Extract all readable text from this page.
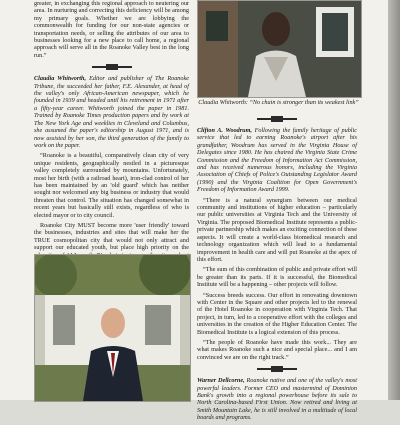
greater, in exchanging this regional approach to neutering our area. In nurturing and correcting this deficiency will be among my primary goals. Whether we are lobbying the commonwealth for funding for our non-state agencies or transportation needs, or selling the attributes of our area to businesses looking for a new place to call home, a regional approach will serve all in the Roanoke Valley best in the long run.”

Claudia Whitworth, Editor and publisher of The Roanoke Tribune, the succeeded her father, F.E. Alexander, at head of the valley's only African-American newspaper, which he founded in 1939 and headed until his retirement in 1971 after a fifty-year career. Whitworth joined the paper in 1981. Trained by Roanoke Times production papers and by work at The New York Age and weeklies in Cleveland and Columbus, she assumed the paper's editorship in August 1971, and is now assisted by her son, the third generation of the family to work on the paper.

“Roanoke is a beautiful, comparatively clean city of very unique residents, geographically nestled in a picturesque valley completely surrounded by mountains. Unfortunately, most her birth (with a railroad heart), iron-clad control of her has been maintained by an 'old guard' which has neither sought nor welcomed any big business or industry that would threaten that control. The situation has changed somewhat in recent years but basically still exists, regardless of who is elected mayor or to city council.

Roanoke City MUST become more 'user friendly' toward the businesses, industries and sites that will make her the TRUE cosmopolitan city that would not only attract and support our educated youth, but place high priority on the

Claudia Whitworth: “No chain is stronger than its weakest link”

Clifton A. Woodrum, Following the family heritage of public service that led to earning Roanoke's airport after his grandfather, Woodrum has served in the Virginia House of Delegates since 1980. He has chaired the Virginia State Crime Commission and the Freedom of Information Act Commission, and has received numerous honors, including the Virginia Association of Chiefs of Police's Outstanding Legislator Award (1990) and the Virginia Coalition for Open Government's Freedom of Information Award 1999.

“There is a natural synergism between our medical community and institutions of higher education – particularly our public universities at Virginia Tech and the University of Virginia. The proposed Biomedical Institute represents a public-private partnership which makes an exciting connection of these aspects. It will create a world-class biomedical research and technology organization which will lead to a fundamental improvement in health care and will put Roanoke at the apex of this effort.

“The sum of this combination of public and private effort will be greater than its parts. If it is successful, the Biomedical Institute will be a happening – other projects will follow.

“Success breeds success. Our effort in renovating downtown with Center in the Square and other projects led to the renewal of the Hotel Roanoke in cooperation with Virginia Tech. That project, in turn, led to a cooperative effort with the colleges and universities in the creation of the Higher Education Center. The Biomedical Institute is a logical extension of this process.

“The people of Roanoke have made this work... They are what makes Roanoke such a nice and special place... and I am convinced we are on the right track.”

Warner Dellcorne, Roanoke native and one of the valley's most powerful leaders. Former CEO and mastermind of Dominion Bank's growth into a regional powerhouse before its sale to North Carolina-based First Union. Now retired and living at Smith Mountain Lake, he is still involved in a multitude of local boards and programs.
